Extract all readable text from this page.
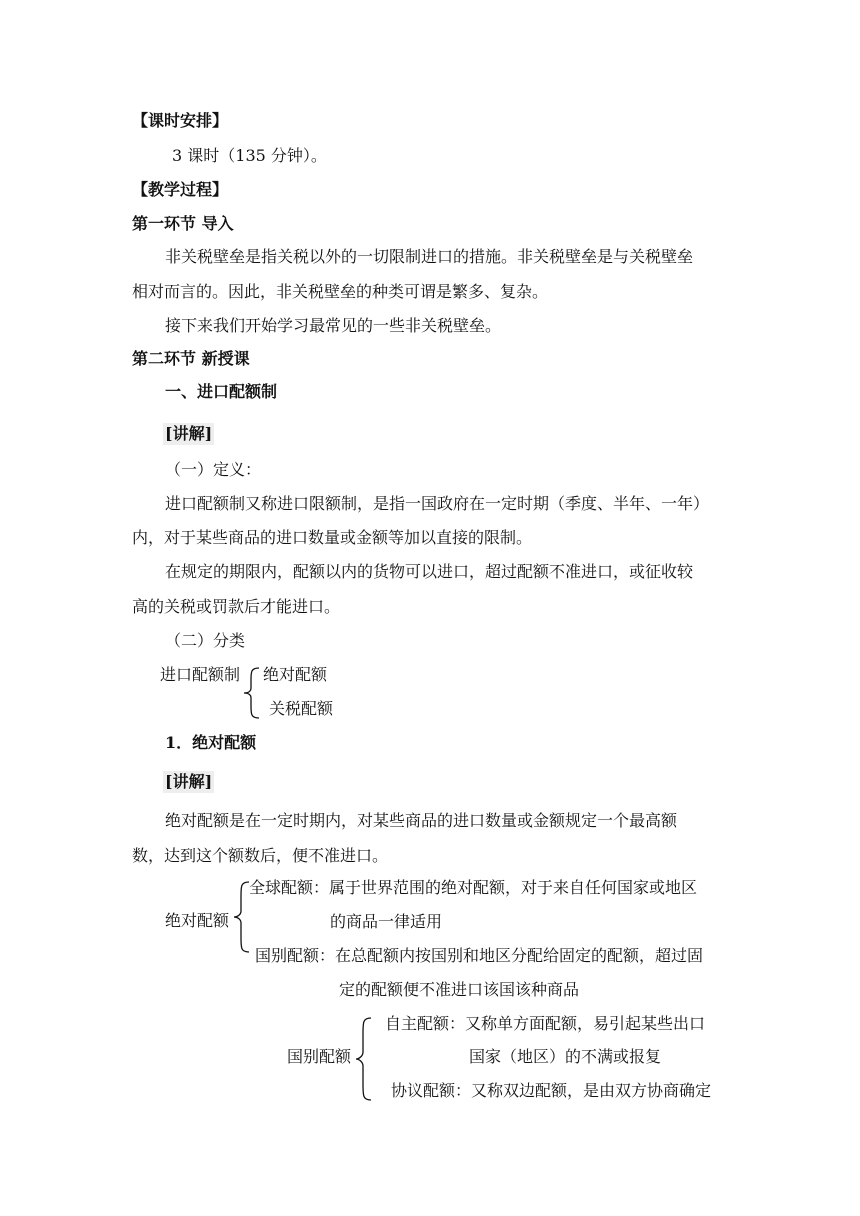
【课时安排】
3 课时（135 分钟）。
【教学过程】
第一环节 导入
非关税壁垒是指关税以外的一切限制进口的措施。非关税壁垒是与关税壁垒
相对而言的。因此，非关税壁垒的种类可谓是繁多、复杂。
接下来我们开始学习最常见的一些非关税壁垒。
第二环节 新授课
一、进口配额制
[讲解]
（一）定义：
进口配额制又称进口限额制，是指一国政府在一定时期（季度、半年、一年）
内，对于某些商品的进口数量或金额等加以直接的限制。
在规定的期限内，配额以内的货物可以进口，超过配额不准进口，或征收较
高的关税或罚款后才能进口。
（二）分类
进口配额制 绝对配额
关税配额
1．绝对配额
[讲解]
绝对配额是在一定时期内，对某些商品的进口数量或金额规定一个最高额
数，达到这个额数后，便不准进口。
绝对配额
全球配额：属于世界范围的绝对配额，对于来自任何国家或地区
的商品一律适用
国别配额：在总配额内按国别和地区分配给固定的配额，超过固
定的配额便不准进口该国该种商品
国别配额
自主配额：又称单方面配额，易引起某些出口
国家（地区）的不满或报复
协议配额：又称双边配额，是由双方协商确定
